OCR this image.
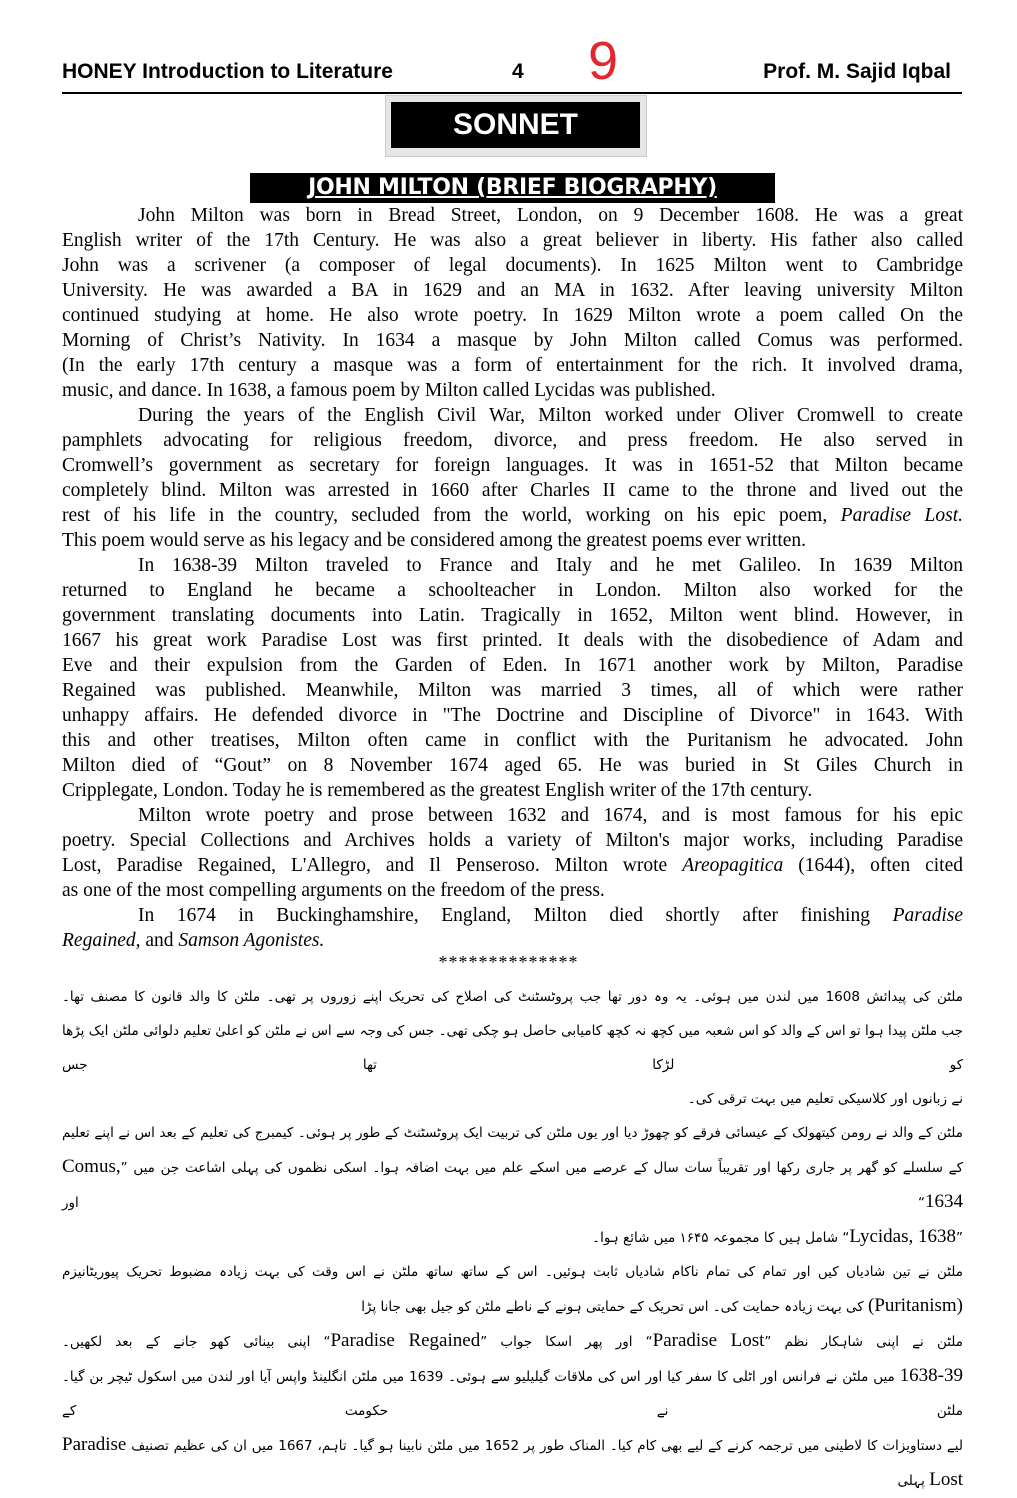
HONEY Introduction to Literature	4 9	Prof. M. Sajid Iqbal
SONNET
JOHN MILTON (BRIEF BIOGRAPHY)
John Milton was born in Bread Street, London, on 9 December 1608. He was a great
English writer of the 17th Century. He was also a great believer in liberty. His father also called
John was a scrivener (a composer of legal documents). In 1625 Milton went to Cambridge
University. He was awarded a BA in 1629 and an MA in 1632. After leaving university Milton
continued studying at home. He also wrote poetry. In 1629 Milton wrote a poem called On the
Morning of Christ’s Nativity. In 1634 a masque by John Milton called Comus was performed.
(In the early 17th century a masque was a form of entertainment for the rich. It involved drama,
music, and dance. In 1638, a famous poem by Milton called Lycidas was published.
During the years of the English Civil War, Milton worked under Oliver Cromwell to create
pamphlets advocating for religious freedom, divorce, and press freedom. He also served in
Cromwell’s government as secretary for foreign languages. It was in 1651-52 that Milton became
completely blind. Milton was arrested in 1660 after Charles II came to the throne and lived out the
rest of his life in the country, secluded from the world, working on his epic poem, Paradise Lost.
This poem would serve as his legacy and be considered among the greatest poems ever written.
In 1638-39 Milton traveled to France and Italy and he met Galileo. In 1639 Milton
returned to England he became a schoolteacher in London. Milton also worked for the
government translating documents into Latin. Tragically in 1652, Milton went blind. However, in
1667 his great work Paradise Lost was first printed. It deals with the disobedience of Adam and
Eve and their expulsion from the Garden of Eden. In 1671 another work by Milton, Paradise
Regained was published. Meanwhile, Milton was married 3 times, all of which were rather
unhappy affairs. He defended divorce in "The Doctrine and Discipline of Divorce" in 1643. With
this and other treatises, Milton often came in conflict with the Puritanism he advocated. John
Milton died of “Gout” on 8 November 1674 aged 65. He was buried in St Giles Church in
Cripplegate, London. Today he is remembered as the greatest English writer of the 17th century.
Milton wrote poetry and prose between 1632 and 1674, and is most famous for his epic
poetry. Special Collections and Archives holds a variety of Milton's major works, including Paradise
Lost, Paradise Regained, L'Allegro, and Il Penseroso. Milton wrote Areopagitica (1644), often cited
as one of the most compelling arguments on the freedom of the press.
In 1674 in Buckinghamshire, England, Milton died shortly after finishing Paradise
Regained, and Samson Agonistes.
**************
ملٹن کی پیدائش 1608 میں لندن میں ہوئی۔ یہ وہ دور تھا جب پروٹسٹنٹ کی اصلاح کی تحریک اپنے زوروں پر تھی۔ ملٹن کا والد قانون کا مصنف تھا۔
جب ملٹن پیدا ہوا تو اس کے والد کو اس شعبہ میں کچھ نہ کچھ کامیابی حاصل ہو چکی تھی۔ جس کی وجہ سے اس نے ملٹن کو اعلیٰ تعلیم دلوائی ملٹن ایک پڑھا کو لڑکا تھا جس
نے زبانوں اور کلاسیکی تعلیم میں بہت ترقی کی۔
ملٹن کے والد نے رومن کیتھولک کے عیسائی فرقے کو چھوڑ دیا اور یوں ملٹن کی تربیت ایک پروٹسٹنٹ کے طور پر ہوئی۔ کیمبرج کی تعلیم کے بعد اس نے اپنے تعلیم
کے سلسلے کو گھر پر جاری رکھا اور تقریباً سات سال کے عرصے میں اسکے علم میں بہت اضافہ ہوا۔ اسکی نظموں کی پہلی اشاعت جن میں ”Comus, 1634“ اور
”Lycidas, 1638“ شامل ہیں کا مجموعہ ۱۶۴۵ میں شائع ہوا۔
ملٹن نے تین شادیاں کیں اور تمام کی تمام ناکام شادیاں ثابت ہوئیں۔ اس کے ساتھ ساتھ ملٹن نے اس وقت کی بہت زیادہ مضبوط تحریک پیوریٹانیزم
(Puritanism) کی بہت زیادہ حمایت کی۔ اس تحریک کے حمایتی ہونے کے ناطے ملٹن کو جیل بھی جانا پڑا
ملٹن نے اپنی شاہکار نظم ”Paradise Lost“ اور پھر اسکا جواب ”Paradise Regained“ اپنی بینائی کھو جانے کے بعد لکھیں۔
1638-39 میں ملٹن نے فرانس اور اٹلی کا سفر کیا اور اس کی ملاقات گیلیلیو سے ہوئی۔ 1639 میں ملٹن انگلینڈ واپس آیا اور لندن میں اسکول ٹیچر بن گیا۔ ملٹن نے حکومت کے
لیے دستاویزات کا لاطینی میں ترجمہ کرنے کے لیے بھی کام کیا۔ المناک طور پر 1652 میں ملٹن نابینا ہو گیا۔ تاہم، 1667 میں ان کی عظیم تصنیف Paradise Lost پہلی
